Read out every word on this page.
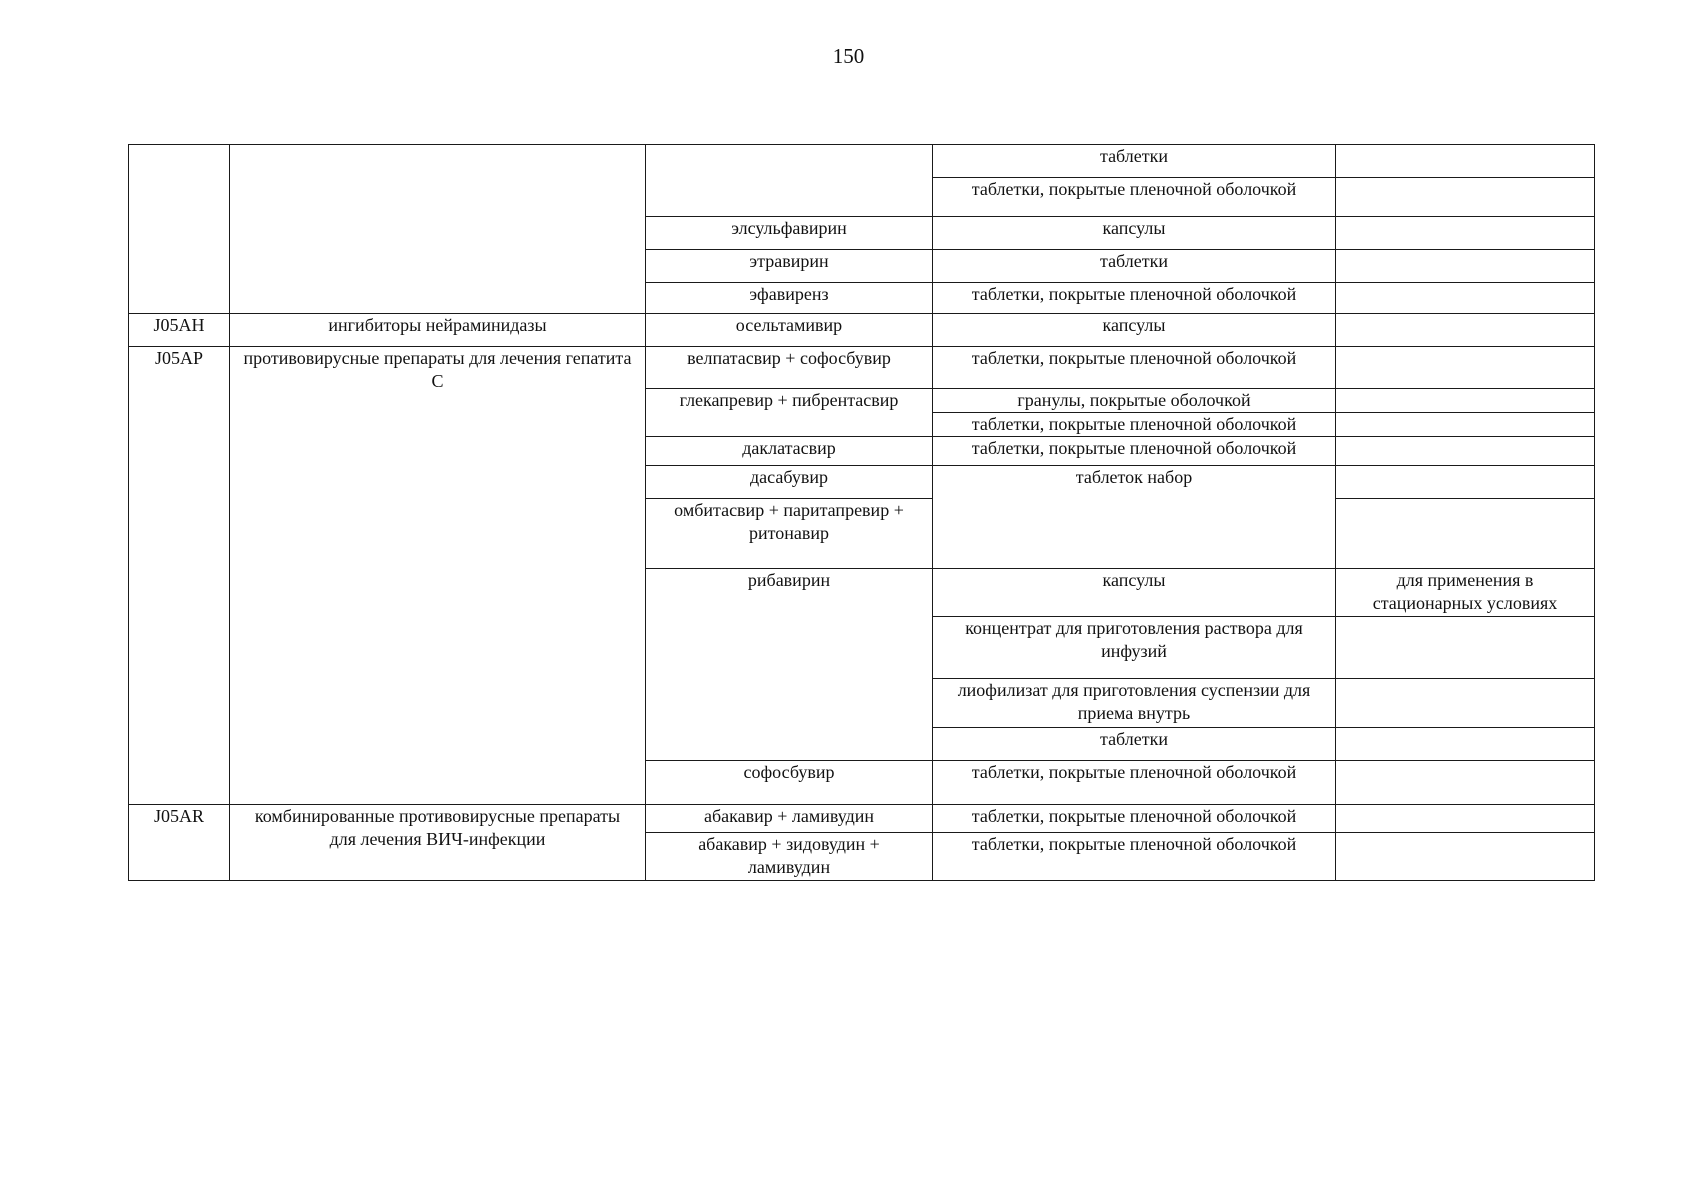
150
			таблетки	
			таблетки, покрытые пленочной оболочкой	
		элсульфавирин	капсулы	
		этравирин	таблетки	
		эфавиренз	таблетки, покрытые пленочной оболочкой	
J05AH	ингибиторы нейраминидазы	осельтамивир	капсулы	
J05AP	противовирусные препараты для лечения гепатита С	велпатасвир + софосбувир	таблетки, покрытые пленочной оболочкой	
		глекапревир + пибрентасвир	гранулы, покрытые оболочкой	
			таблетки, покрытые пленочной оболочкой	
		даклатасвир	таблетки, покрытые пленочной оболочкой	
		дасабувир	таблеток набор	
		омбитасвир + паритапревир + ритонавир		
		рибавирин	капсулы	для применения в стационарных условиях
			концентрат для приготовления раствора для инфузий	
			лиофилизат для приготовления суспензии для приема внутрь	
			таблетки	
		софосбувир	таблетки, покрытые пленочной оболочкой	
J05AR	комбинированные противовирусные препараты для лечения ВИЧ-инфекции	абакавир + ламивудин	таблетки, покрытые пленочной оболочкой	
		абакавир + зидовудин + ламивудин	таблетки, покрытые пленочной оболочкой	
